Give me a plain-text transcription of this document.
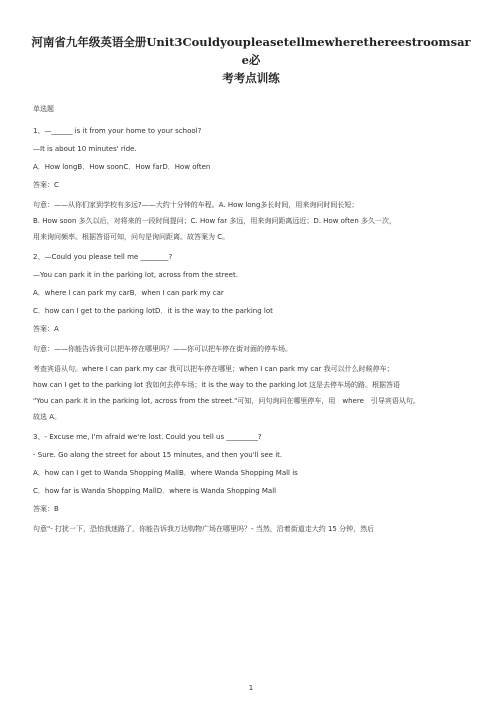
河南省九年级英语全册Unit3Couldyoupleasetellmewherethereestroomsare必
考考点训练

单选题

1、—______ is it from your home to your school?

—It is about 10 minutes' ride.

A．How longB．How soonC．How farD．How often

答案：C

句意：——从你们家到学校有多远?——大约十分钟的车程。A. How long多长时间，用来询问时间长短；

B. How soon 多久以后，对将来的一段时间提问；C. How far 多远，用来询问距离远近；D. How often 多久一次，

用来询问频率。根据答语可知，问句是询问距离。故答案为 C。

2、—Could you please tell me ________?

—You can park it in the parking lot, across from the street.

A．where I can park my carB．when I can park my car

C．how can I get to the parking lotD．it is the way to the parking lot

答案：A

句意：——你能告诉我可以把车停在哪里吗？——你可以把车停在街对面的停车场。

考查宾语从句。where I can park my car 我可以把车停在哪里；when I can park my car 我可以什么时候停车；

how can I get to the parking lot 我如何去停车场；it is the way to the parking lot 这是去停车场的路。根据答语

"You can park it in the parking lot, across from the street."可知，问句询问在哪里停车，用　where　引导宾语从句。

故选 A。

3、- Excuse me, I'm afraid we're lost. Could you tell us _________?

- Sure. Go along the street for about 15 minutes, and then you'll see it.

A．how can I get to Wanda Shopping MallB．where Wanda Shopping Mall is

C．how far is Wanda Shopping MallD．where is Wanda Shopping Mall

答案：B

句意"- 打扰一下，恐怕我迷路了，你能告诉我万达购物广场在哪里吗？- 当然，沿着街道走大约 15 分钟，然后

1
